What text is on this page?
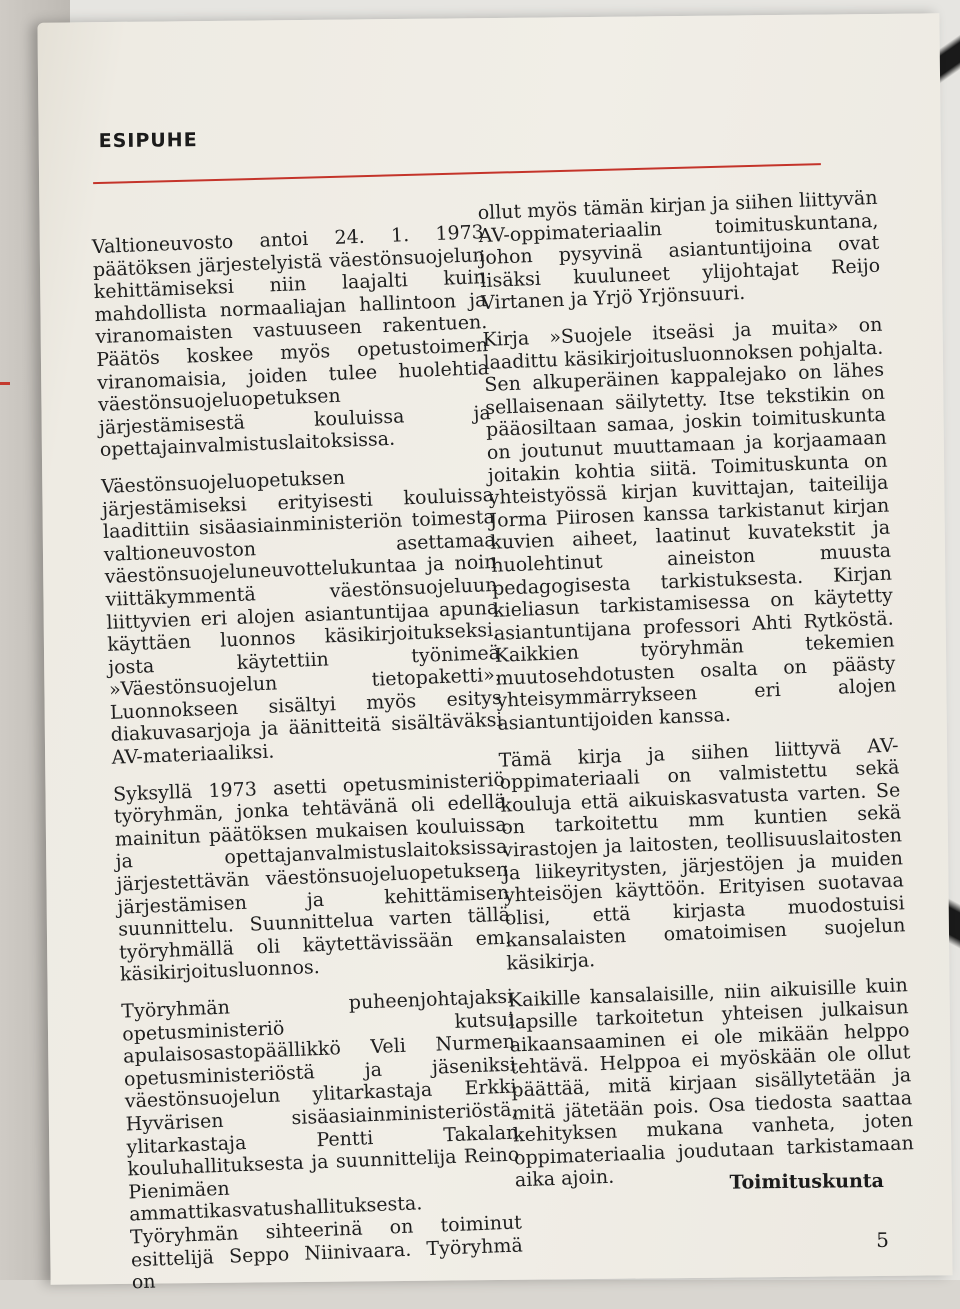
ESIPUHE

Valtioneuvosto antoi 24. 1. 1973 päätöksen järjestelyistä väestönsuojelun kehittämiseksi niin laajalti kuin mahdollista normaaliajan hallintoon ja viranomaisten vastuuseen rakentuen. Päätös koskee myös opetustoimen viranomaisia, joiden tulee huolehtia väestönsuojeluopetuksen järjestämisestä kouluissa ja opettajainvalmistuslaitoksissa.

Väestönsuojeluopetuksen järjestämiseksi erityisesti kouluissa laadittiin sisäasiainministeriön toimesta valtioneuvoston asettamaa väestönsuojeluneuvottelukuntaa ja noin viittäkymmentä väestönsuojeluun liittyvien eri alojen asiantuntijaa apuna käyttäen luonnos käsikirjoitukseksi, josta käytettiin työnimeä »Väestönsuojelun tietopaketti». Luonnokseen sisältyi myös esitys diakuvasarjoja ja äänitteitä sisältäväksi AV-materiaaliksi.

Syksyllä 1973 asetti opetusministeriö työryhmän, jonka tehtävänä oli edellä mainitun päätöksen mukaisen kouluissa ja opettajanvalmistuslaitoksissa järjestettävän väestönsuojeluopetuksen järjestämisen ja kehittämisen suunnittelu. Suunnittelua varten tällä työryhmällä oli käytettävissään em. käsikirjoitusluonnos.

Työryhmän puheenjohtajaksi opetusministeriö kutsui apulaisosastopäällikkö Veli Nurmen opetusministeriöstä ja jäseniksi väestönsuojelun ylitarkastaja Erkki Hyvärisen sisäasiainministeriöstä, ylitarkastaja Pentti Takalan kouluhallituksesta ja suunnittelija Reino Pienimäen ammattikasvatushallituksesta. Työryhmän sihteerinä on toiminut esittelijä Seppo Niinivaara. Työryhmä on

ollut myös tämän kirjan ja siihen liittyvän AV-oppimateriaalin toimituskuntana, johon pysyvinä asiantuntijoina ovat lisäksi kuuluneet ylijohtajat Reijo Virtanen ja Yrjö Yrjönsuuri.

Kirja »Suojele itseäsi ja muita» on laadittu käsikirjoitusluonnoksen pohjalta. Sen alkuperäinen kappalejako on lähes sellaisenaan säilytetty. Itse tekstikin on pääosiltaan samaa, joskin toimituskunta on joutunut muuttamaan ja korjaamaan joitakin kohtia siitä. Toimituskunta on yhteistyössä kirjan kuvittajan, taiteilija Jorma Piirosen kanssa tarkistanut kirjan kuvien aiheet, laatinut kuvatekstit ja huolehtinut aineiston muusta pedagogisesta tarkistuksesta. Kirjan kieliasun tarkistamisessa on käytetty asiantuntijana professori Ahti Rytköstä. Kaikkien työryhmän tekemien muutosehdotusten osalta on päästy yhteisymmärrykseen eri alojen asiantuntijoiden kanssa.

Tämä kirja ja siihen liittyvä AV-oppimateriaali on valmistettu sekä kouluja että aikuiskasvatusta varten. Se on tarkoitettu mm kuntien sekä virastojen ja laitosten, teollisuuslaitosten ja liikeyritysten, järjestöjen ja muiden yhteisöjen käyttöön. Erityisen suotavaa olisi, että kirjasta muodostuisi kansalaisten omatoimisen suojelun käsikirja.

Kaikille kansalaisille, niin aikuisille kuin lapsille tarkoitetun yhteisen julkaisun aikaansaaminen ei ole mikään helppo tehtävä. Helppoa ei myöskään ole ollut päättää, mitä kirjaan sisällytetään ja mitä jätetään pois. Osa tiedosta saattaa kehityksen mukana vanheta, joten oppimateriaalia joudutaan tarkistamaan aika ajoin.	Toimituskunta
5
